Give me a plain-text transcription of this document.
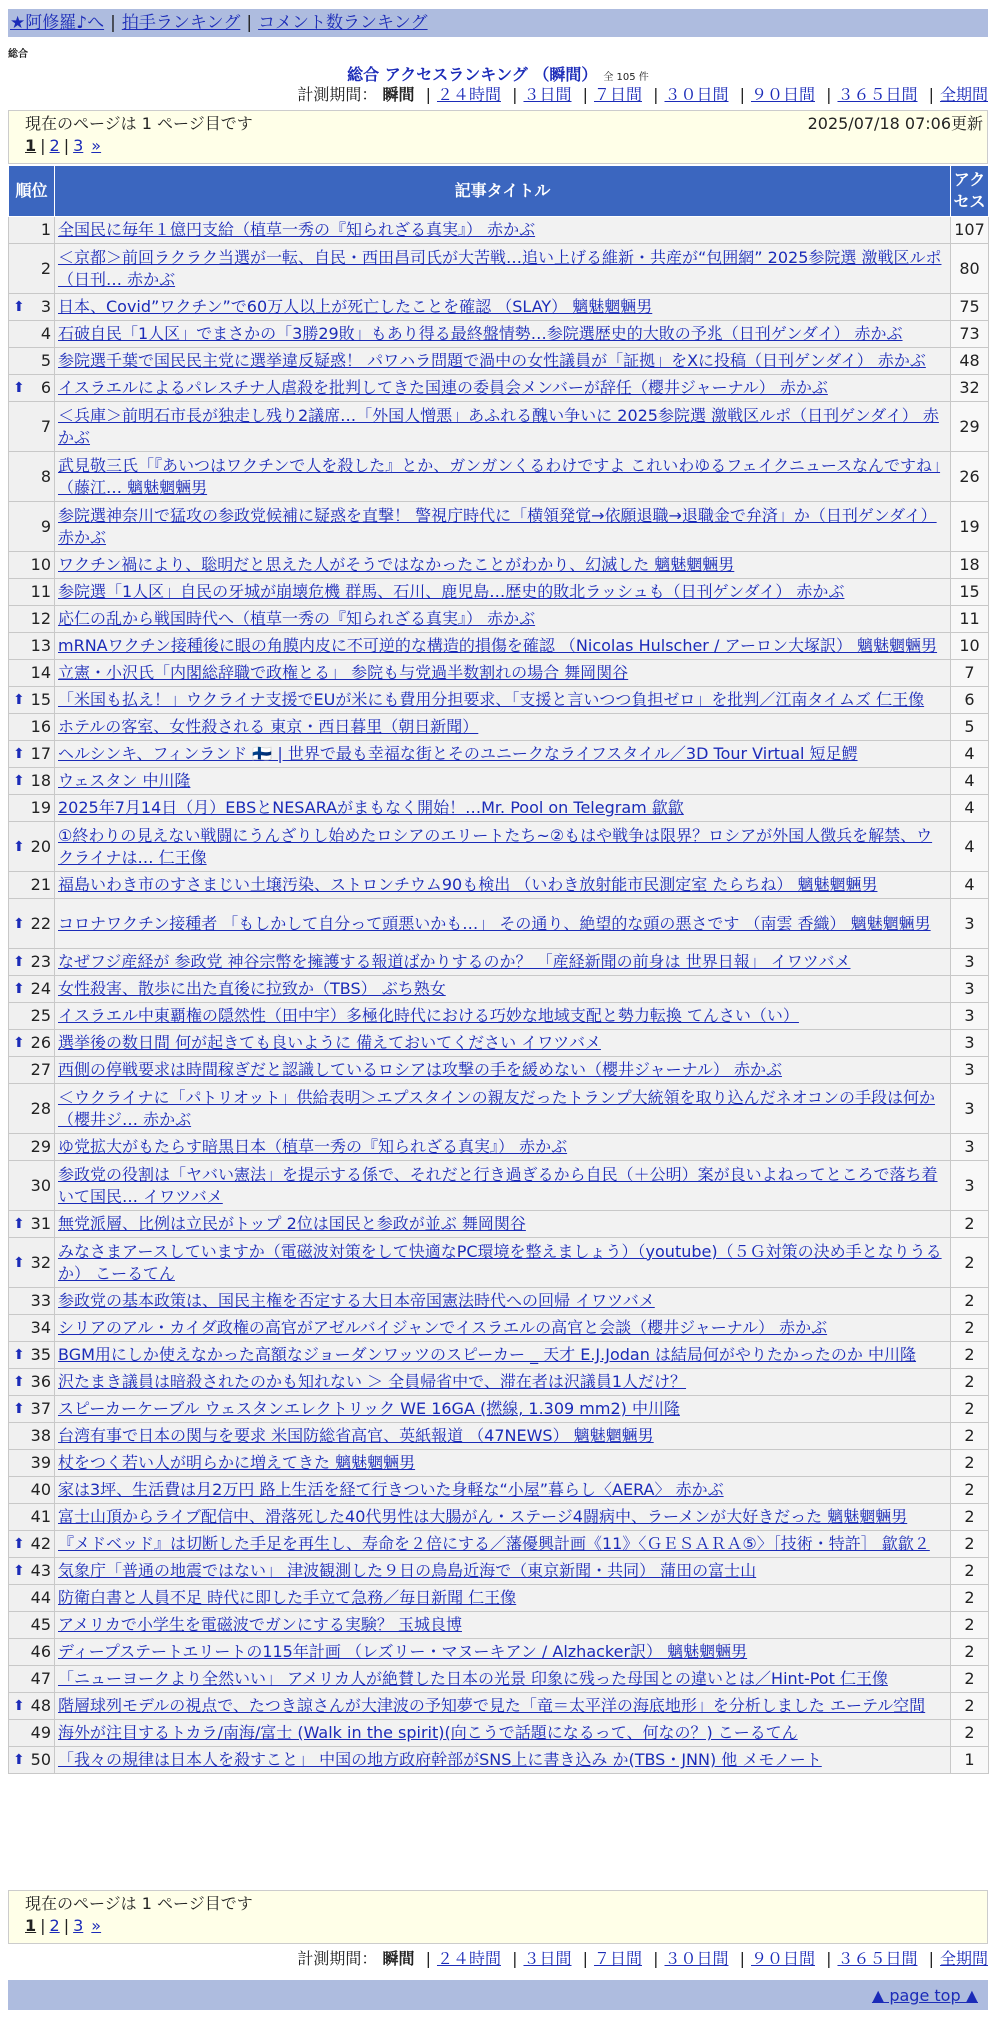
★阿修羅♪へ | 拍手ランキング | コメント数ランキング
総合
総合 アクセスランキング （瞬間） 全 105 件
計測期間： 瞬間 | ２４時間 | ３日間 | ７日間 | ３０日間 | ９０日間 | ３６５日間 | 全期間
現在のページは 1 ページ目です	2025/07/18 07:06更新
1 | 2 | 3 »
順位	記事タイトル	アクセス
1	全国民に毎年１億円支給（植草一秀の『知られざる真実』） 赤かぶ	107
2	＜京都＞前回ラクラク当選が一転、自民・西田昌司氏が大苦戦…追い上げる維新・共産が“包囲網” 2025参院選 激戦区ルポ（日刊… 赤かぶ	80

⬆ 3	日本、Covid”ワクチン”で60万人以上が死亡したことを確認 （SLAY） 魑魅魍魎男	75
4	石破自民「1人区」でまさかの「3勝29敗」もあり得る最終盤情勢…参院選歴史的大敗の予兆（日刊ゲンダイ） 赤かぶ	73
5	参院選千葉で国民民主党に選挙違反疑惑！ パワハラ問題で渦中の女性議員が「証拠」をXに投稿（日刊ゲンダイ） 赤かぶ	48

⬆ 6	イスラエルによるパレスチナ人虐殺を批判してきた国連の委員会メンバーが辞任（櫻井ジャーナル） 赤かぶ	32
7	＜兵庫＞前明石市長が独走し残り2議席…「外国人憎悪」あふれる醜い争いに 2025参院選 激戦区ルポ（日刊ゲンダイ） 赤かぶ	29
8	武見敬三氏「『あいつはワクチンで人を殺した』とか、ガンガンくるわけですよ これいわゆるフェイクニュースなんですね」（藤江… 魑魅魍魎男	26
9	参院選神奈川で猛攻の参政党候補に疑惑を直撃！ 警視庁時代に「横領発覚→依願退職→退職金で弁済」か（日刊ゲンダイ） 赤かぶ	19
10	ワクチン禍により、聡明だと思えた人がそうではなかったことがわかり、幻滅した 魑魅魍魎男	18
11	参院選「1人区」自民の牙城が崩壊危機 群馬、石川、鹿児島…歴史的敗北ラッシュも（日刊ゲンダイ） 赤かぶ	15
12	応仁の乱から戦国時代へ（植草一秀の『知られざる真実』） 赤かぶ	11
13	mRNAワクチン接種後に眼の角膜内皮に不可逆的な構造的損傷を確認 （Nicolas Hulscher / アーロン大塚訳） 魑魅魍魎男	10
14	立憲・小沢氏「内閣総辞職で政権とる」 参院も与党過半数割れの場合 舞岡関谷	7

⬆ 15	「米国も払え！」ウクライナ支援でEUが米にも費用分担要求、「支援と言いつつ負担ゼロ」を批判／江南タイムズ 仁王像	6
16	ホテルの客室、女性殺される 東京・西日暮里（朝日新聞）	5

⬆ 17	ヘルシンキ、フィンランド 🇫🇮 | 世界で最も幸福な街とそのユニークなライフスタイル／3D Tour Virtual 短足鰐	4

⬆ 18	ウェスタン 中川隆	4
19	2025年7月14日（月）EBSとNESARAがまもなく開始！…Mr. Pool on Telegram 歙歙	4

⬆ 20	①終わりの見えない戦闘にうんざりし始めたロシアのエリートたち~②もはや戦争は限界？ロシアが外国人徴兵を解禁、ウクライナは… 仁王像	4
21	福島いわき市のすさまじい土壌汚染、ストロンチウム90も検出 （いわき放射能市民測定室 たらちね） 魑魅魍魎男	4

⬆ 22	コロナワクチン接種者 「もしかして自分って頭悪いかも…」 その通り、絶望的な頭の悪さです （南雲 香織） 魑魅魍魎男	3

⬆ 23	なぜフジ産経が 参政党 神谷宗幣を擁護する報道ばかりするのか？ 「産経新聞の前身は 世界日報」 イワツバメ	3

⬆ 24	女性殺害、散歩に出た直後に拉致か（TBS） ぶち熟女	3
25	イスラエル中東覇権の隠然性（田中宇）多極化時代における巧妙な地域支配と勢力転換 てんさい（い）	3

⬆ 26	選挙後の数日間 何が起きても良いように 備えておいてください イワツバメ	3
27	西側の停戦要求は時間稼ぎだと認識しているロシアは攻撃の手を緩めない（櫻井ジャーナル） 赤かぶ	3
28	＜ウクライナに「パトリオット」供給表明＞エプスタインの親友だったトランプ大統領を取り込んだネオコンの手段は何か（櫻井ジ… 赤かぶ	3
29	ゆ党拡大がもたらす暗黒日本（植草一秀の『知られざる真実』） 赤かぶ	3
30	参政党の役割は「ヤバい憲法」を提示する係で、それだと行き過ぎるから自民（＋公明）案が良いよねってところで落ち着いて国民… イワツバメ	3

⬆ 31	無党派層、比例は立民がトップ 2位は国民と参政が並ぶ 舞岡関谷	2

⬆ 32	みなさまアースしていますか（電磁波対策をして快適なPC環境を整えましょう）（youtube)（５Ｇ対策の決め手となりうるか） こーるてん	2
33	参政党の基本政策は、国民主権を否定する大日本帝国憲法時代への回帰 イワツバメ	2
34	シリアのアル・カイダ政権の高官がアゼルバイジャンでイスラエルの高官と会談（櫻井ジャーナル） 赤かぶ	2

⬆ 35	BGM用にしか使えなかった高額なジョーダンワッツのスピーカー _ 天才 E.J.Jodan は結局何がやりたかったのか 中川隆	2

⬆ 36	沢たまき議員は暗殺されたのかも知れない ＞ 全員帰省中で、滞在者は沢議員1人だけ？	2

⬆ 37	スピーカーケーブル ウェスタンエレクトリック WE 16GA (撚線, 1.309 mm2) 中川隆	2
38	台湾有事で日本の関与を要求 米国防総省高官、英紙報道 （47NEWS） 魑魅魍魎男	2
39	杖をつく若い人が明らかに増えてきた 魑魅魍魎男	2
40	家は3坪、生活費は月2万円 路上生活を経て行きついた身軽な“小屋”暮らし〈AERA〉 赤かぶ	2
41	富士山頂からライブ配信中、滑落死した40代男性は大腸がん・ステージ4闘病中、ラーメンが大好きだった 魑魅魍魎男	2

⬆ 42	『メドベッド』は切断した手足を再生し、寿命を２倍にする／藩優興計画《11》〈ＧＥＳＡＲＡ⑤〉［技術・特許］ 歙歙２	2

⬆ 43	気象庁「普通の地震ではない」 津波観測した９日の鳥島近海で（東京新聞・共同） 蒲田の富士山	2
44	防衛白書と人員不足 時代に即した手立て急務／毎日新聞 仁王像	2
45	アメリカで小学生を電磁波でガンにする実験？ 玉城良博	2
46	ディープステートエリートの115年計画 （レズリー・マヌーキアン / Alzhacker訳） 魑魅魍魎男	2
47	「ニューヨークより全然いい」 アメリカ人が絶賛した日本の光景 印象に残った母国との違いとは／Hint-Pot 仁王像	2

⬆ 48	階層球列モデルの視点で、たつき諒さんが大津波の予知夢で見た「竜＝太平洋の海底地形」を分析しました エーテル空間	2
49	海外が注目するトカラ/南海/富士 (Walk in the spirit)(向こうで話題になるって、何なの？) こーるてん	2

⬆ 50	「我々の規律は日本人を殺すこと」 中国の地方政府幹部がSNS上に書き込み か(TBS・JNN) 他 メモノート	1
現在のページは 1 ページ目です
1 | 2 | 3 »
計測期間： 瞬間 | ２４時間 | ３日間 | ７日間 | ３０日間 | ９０日間 | ３６５日間 | 全期間
▲ page top ▲
